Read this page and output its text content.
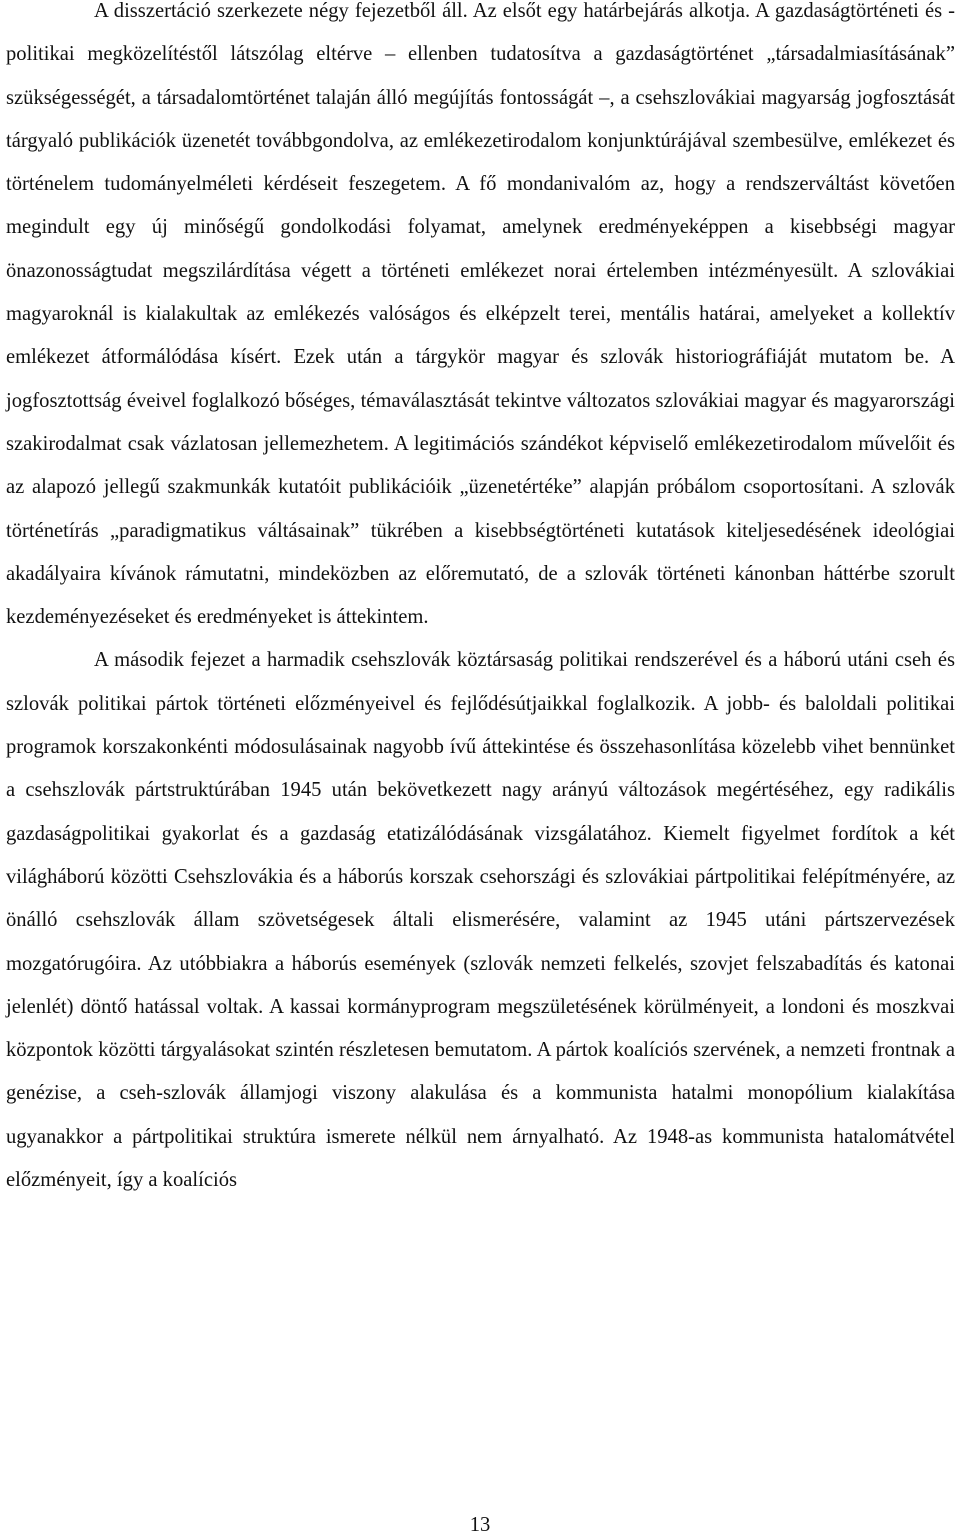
A disszertáció szerkezete négy fejezetből áll. Az elsőt egy határbejárás alkotja. A gazdaságtörténeti és -politikai megközelítéstől látszólag eltérve – ellenben tudatosítva a gazdaságtörténet „társadalmiasításának” szükségességét, a társadalomtörténet talaján álló megújítás fontosságát –, a csehszlovákiai magyarság jogfosztását tárgyaló publikációk üzenetét továbbgondolva, az emlékezetirodalom konjunktúrájával szembesülve, emlékezet és történelem tudományelméleti kérdéseit feszegetem. A fő mondanivalóm az, hogy a rendszerváltást követően megindult egy új minőségű gondolkodási folyamat, amelynek eredményeképpen a kisebbségi magyar önazonosságtudat megszilárdítása végett a történeti emlékezet norai értelemben intézményesült. A szlovákiai magyaroknál is kialakultak az emlékezés valóságos és elképzelt terei, mentális határai, amelyeket a kollektív emlékezet átformálódása kísért. Ezek után a tárgykör magyar és szlovák historiográfiáját mutatom be. A jogfosztottság éveivel foglalkozó bőséges, témaválasztását tekintve változatos szlovákiai magyar és magyarországi szakirodalmat csak vázlatosan jellemezhetem. A legitimációs szándékot képviselő emlékezetirodalom művelőit és az alapozó jellegű szakmunkák kutatóit publikációik „üzenetértéke” alapján próbálom csoportosítani. A szlovák történetírás „paradigmatikus váltásainak” tükrében a kisebbségtörténeti kutatások kiteljesedésének ideológiai akadályaira kívánok rámutatni, mindeközben az előremutató, de a szlovák történeti kánonban háttérbe szorult kezdeményezéseket és eredményeket is áttekintem.

A második fejezet a harmadik csehszlovák köztársaság politikai rendszerével és a háború utáni cseh és szlovák politikai pártok történeti előzményeivel és fejlődésútjaikkal foglalkozik. A jobb- és baloldali politikai programok korszakonkénti módosulásainak nagyobb ívű áttekintése és összehasonlítása közelebb vihet bennünket a csehszlovák pártstruktúrában 1945 után bekövetkezett nagy arányú változások megértéséhez, egy radikális gazdaságpolitikai gyakorlat és a gazdaság etatizálódásának vizsgálatához. Kiemelt figyelmet fordítok a két világháború közötti Csehszlovákia és a háborús korszak csehországi és szlovákiai pártpolitikai felépítményére, az önálló csehszlovák állam szövetségesek általi elismerésére, valamint az 1945 utáni pártszervezések mozgatórugóira. Az utóbbiakra a háborús események (szlovák nemzeti felkelés, szovjet felszabadítás és katonai jelenlét) döntő hatással voltak. A kassai kormányprogram megszületésének körülményeit, a londoni és moszkvai központok közötti tárgyalásokat szintén részletesen bemutatom. A pártok koalíciós szervének, a nemzeti frontnak a genézise, a cseh-szlovák államjogi viszony alakulása és a kommunista hatalmi monopólium kialakítása ugyanakkor a pártpolitikai struktúra ismerete nélkül nem árnyalható. Az 1948-as kommunista hatalomátvétel előzményeit, így a koalíciós

13
